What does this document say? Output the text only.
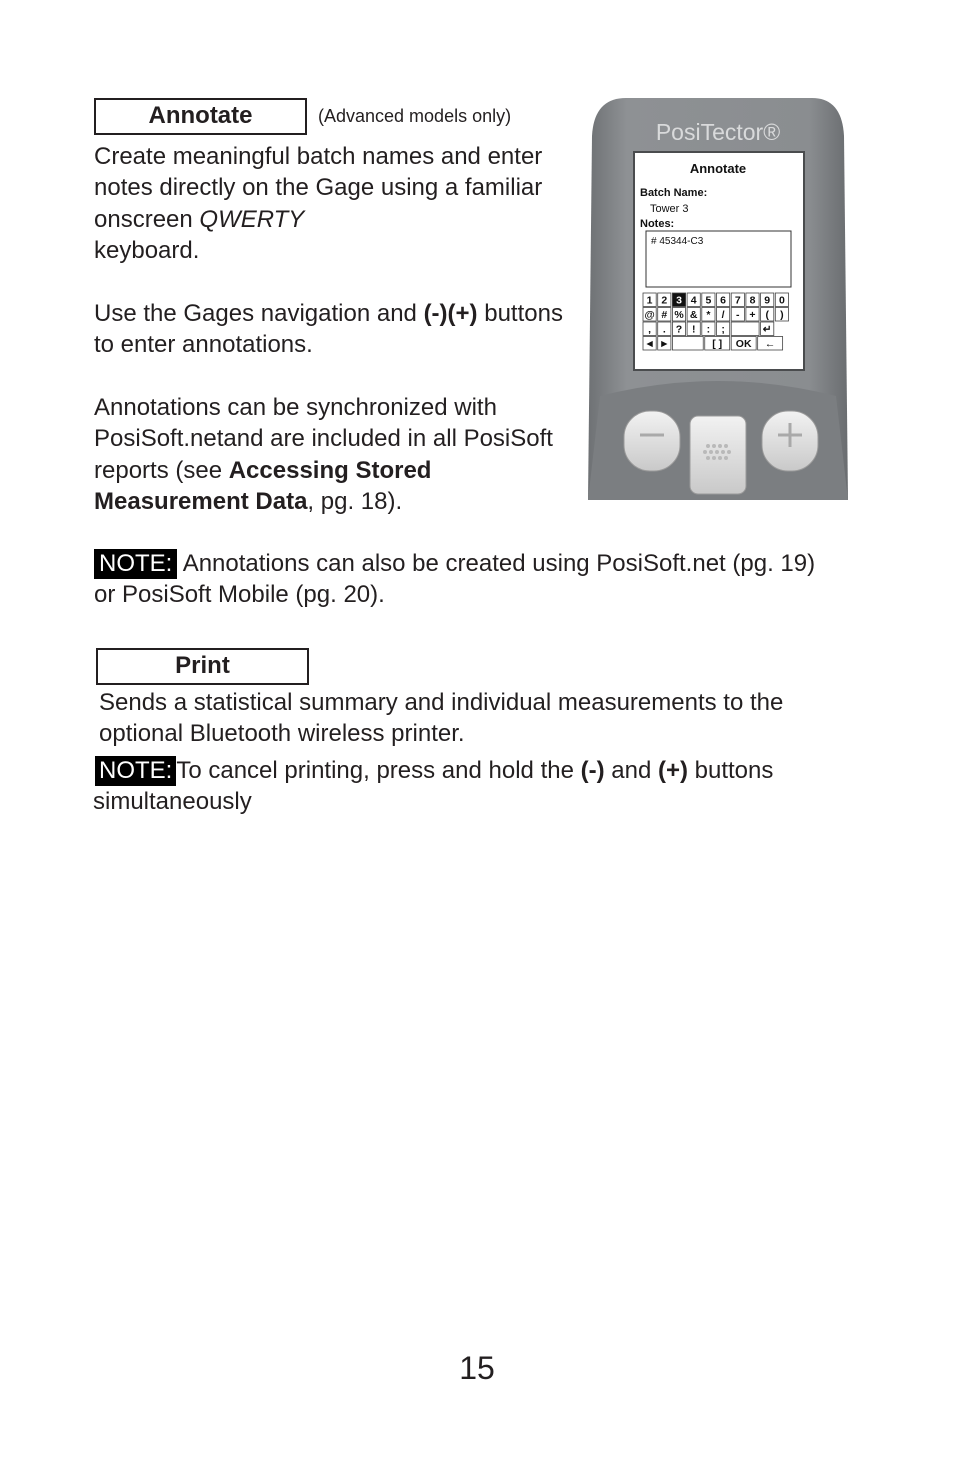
Annotate	(Advanced models only)
Create meaningful batch names and enter notes directly on the Gage using a familiar onscreen QWERTY
keyboard.
Use the Gages navigation and (-)(+) buttons to enter annotations.
Annotations can be synchronized with PosiSoft.netand are included in all PosiSoft reports (see Accessing Stored Measurement Data, pg. 18).
NOTE: Annotations can also be created using PosiSoft.net (pg. 19) or PosiSoft Mobile (pg. 20).
PosiTector®
Annotate
Batch Name:
Tower 3
Notes:
# 45344-C3
1 2 3 4 5 6 7 8 9 0
@ # % & * / - + ( )
, . ? ! : ;	↵
◄ ►	[ ] OK ←
Print
Sends a statistical summary and individual measurements to the optional Bluetooth wireless printer.
NOTE: To cancel printing, press and hold the (-) and (+) buttons simultaneously
15
